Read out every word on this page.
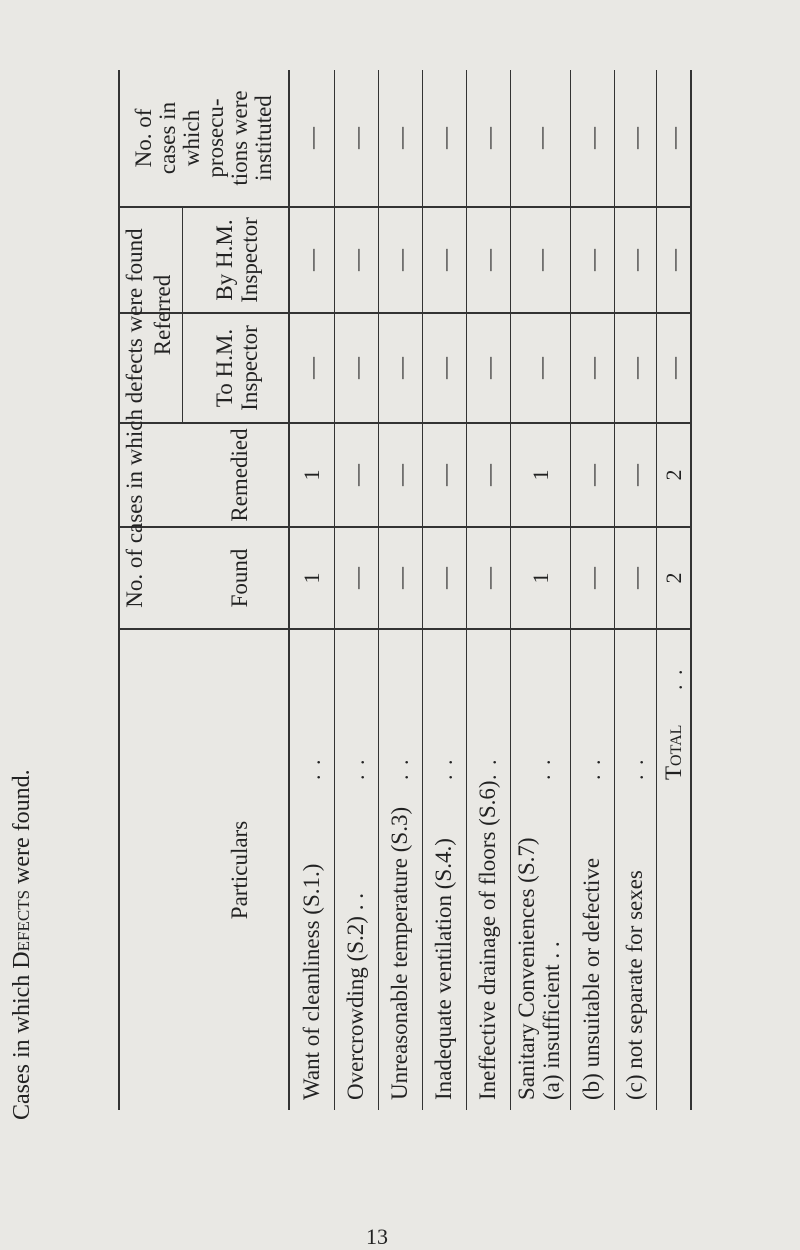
Cases in which Defects were found.
No. of cases in which defects were found
Particulars
Found
Remedied
Referred
To H.M. Inspector
By H.M. Inspector
No. of cases in which prosecu- tions were instituted
Want of cleanliness (S.1.)
. .
1
1
—
—
—
Overcrowding (S.2) . .
. .
—
—
—
—
—
Unreasonable temperature (S.3)
. .
—
—
—
—
—
Inadequate ventilation (S.4.)
. .
—
—
—
—
—
Ineffective drainage of floors (S.6)
. .
—
—
—
—
—
Sanitary Conveniences (S.7) (a) insufficient . .
. .
1
1
—
—
—
(b) unsuitable or defective
. .
—
—
—
—
—
(c) not separate for sexes
. .
—
—
—
—
—
Total
. .
2
2
—
—
—
13
